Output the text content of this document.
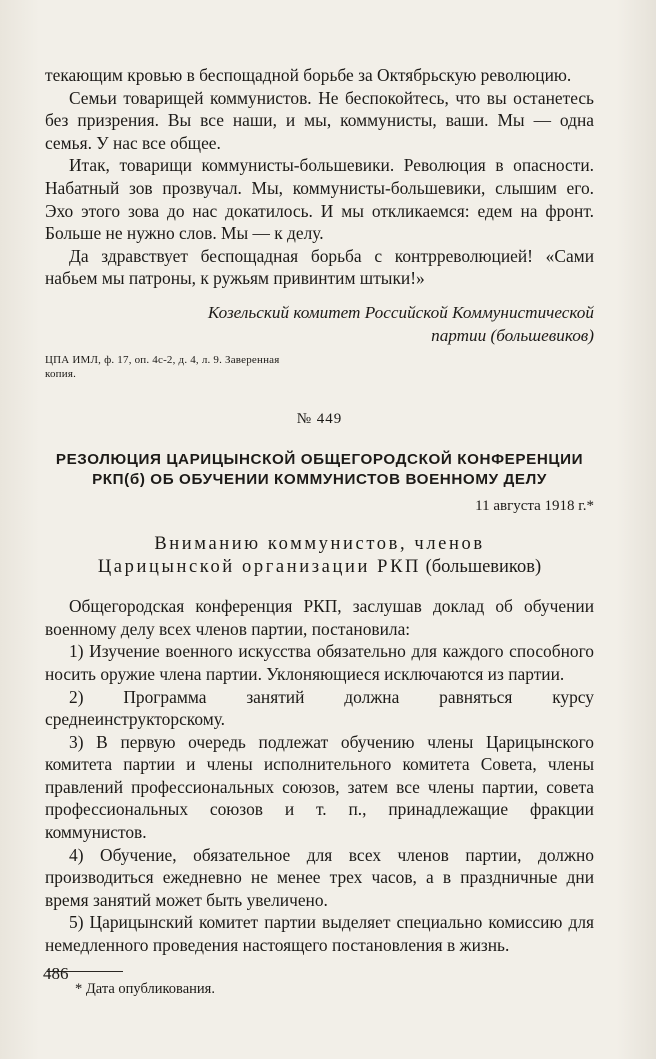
текающим кровью в беспощадной борьбе за Октябрьскую революцию.

Семьи товарищей коммунистов. Не беспокойтесь, что вы останетесь без призрения. Вы все наши, и мы, коммунисты, ваши. Мы — одна семья. У нас все общее.

Итак, товарищи коммунисты-большевики. Революция в опасности. Набатный зов прозвучал. Мы, коммунисты-большевики, слышим его. Эхо этого зова до нас докатилось. И мы откликаемся: едем на фронт. Больше не нужно слов. Мы — к делу.

Да здравствует беспощадная борьба с контрреволюцией! «Сами набьем мы патроны, к ружьям привинтим штыки!»

Козельский комитет Российской Коммунистической
партии (большевиков)

ЦПА ИМЛ, ф. 17, оп. 4с-2, д. 4, л. 9. Заверенная копия.

№ 449
РЕЗОЛЮЦИЯ ЦАРИЦЫНСКОЙ ОБЩЕГОРОДСКОЙ КОНФЕРЕНЦИИ РКП(б) ОБ ОБУЧЕНИИ КОММУНИСТОВ ВОЕННОМУ ДЕЛУ
11 августа 1918 г.*
Вниманию коммунистов, членов
Царицынской организации РКП (большевиков)

Общегородская конференция РКП, заслушав доклад об обучении военному делу всех членов партии, постановила:

1) Изучение военного искусства обязательно для каждого способного носить оружие члена партии. Уклоняющиеся исключаются из партии.

2) Программа занятий должна равняться курсу среднеинструкторскому.

3) В первую очередь подлежат обучению члены Царицынского комитета партии и члены исполнительного комитета Совета, члены правлений профессиональных союзов, затем все члены партии, совета профессиональных союзов и т. п., принадлежащие фракции коммунистов.

4) Обучение, обязательное для всех членов партии, должно производиться ежедневно не менее трех часов, а в праздничные дни время занятий может быть увеличено.

5) Царицынский комитет партии выделяет специально комиссию для немедленного проведения настоящего постановления в жизнь.

* Дата опубликования.

486
